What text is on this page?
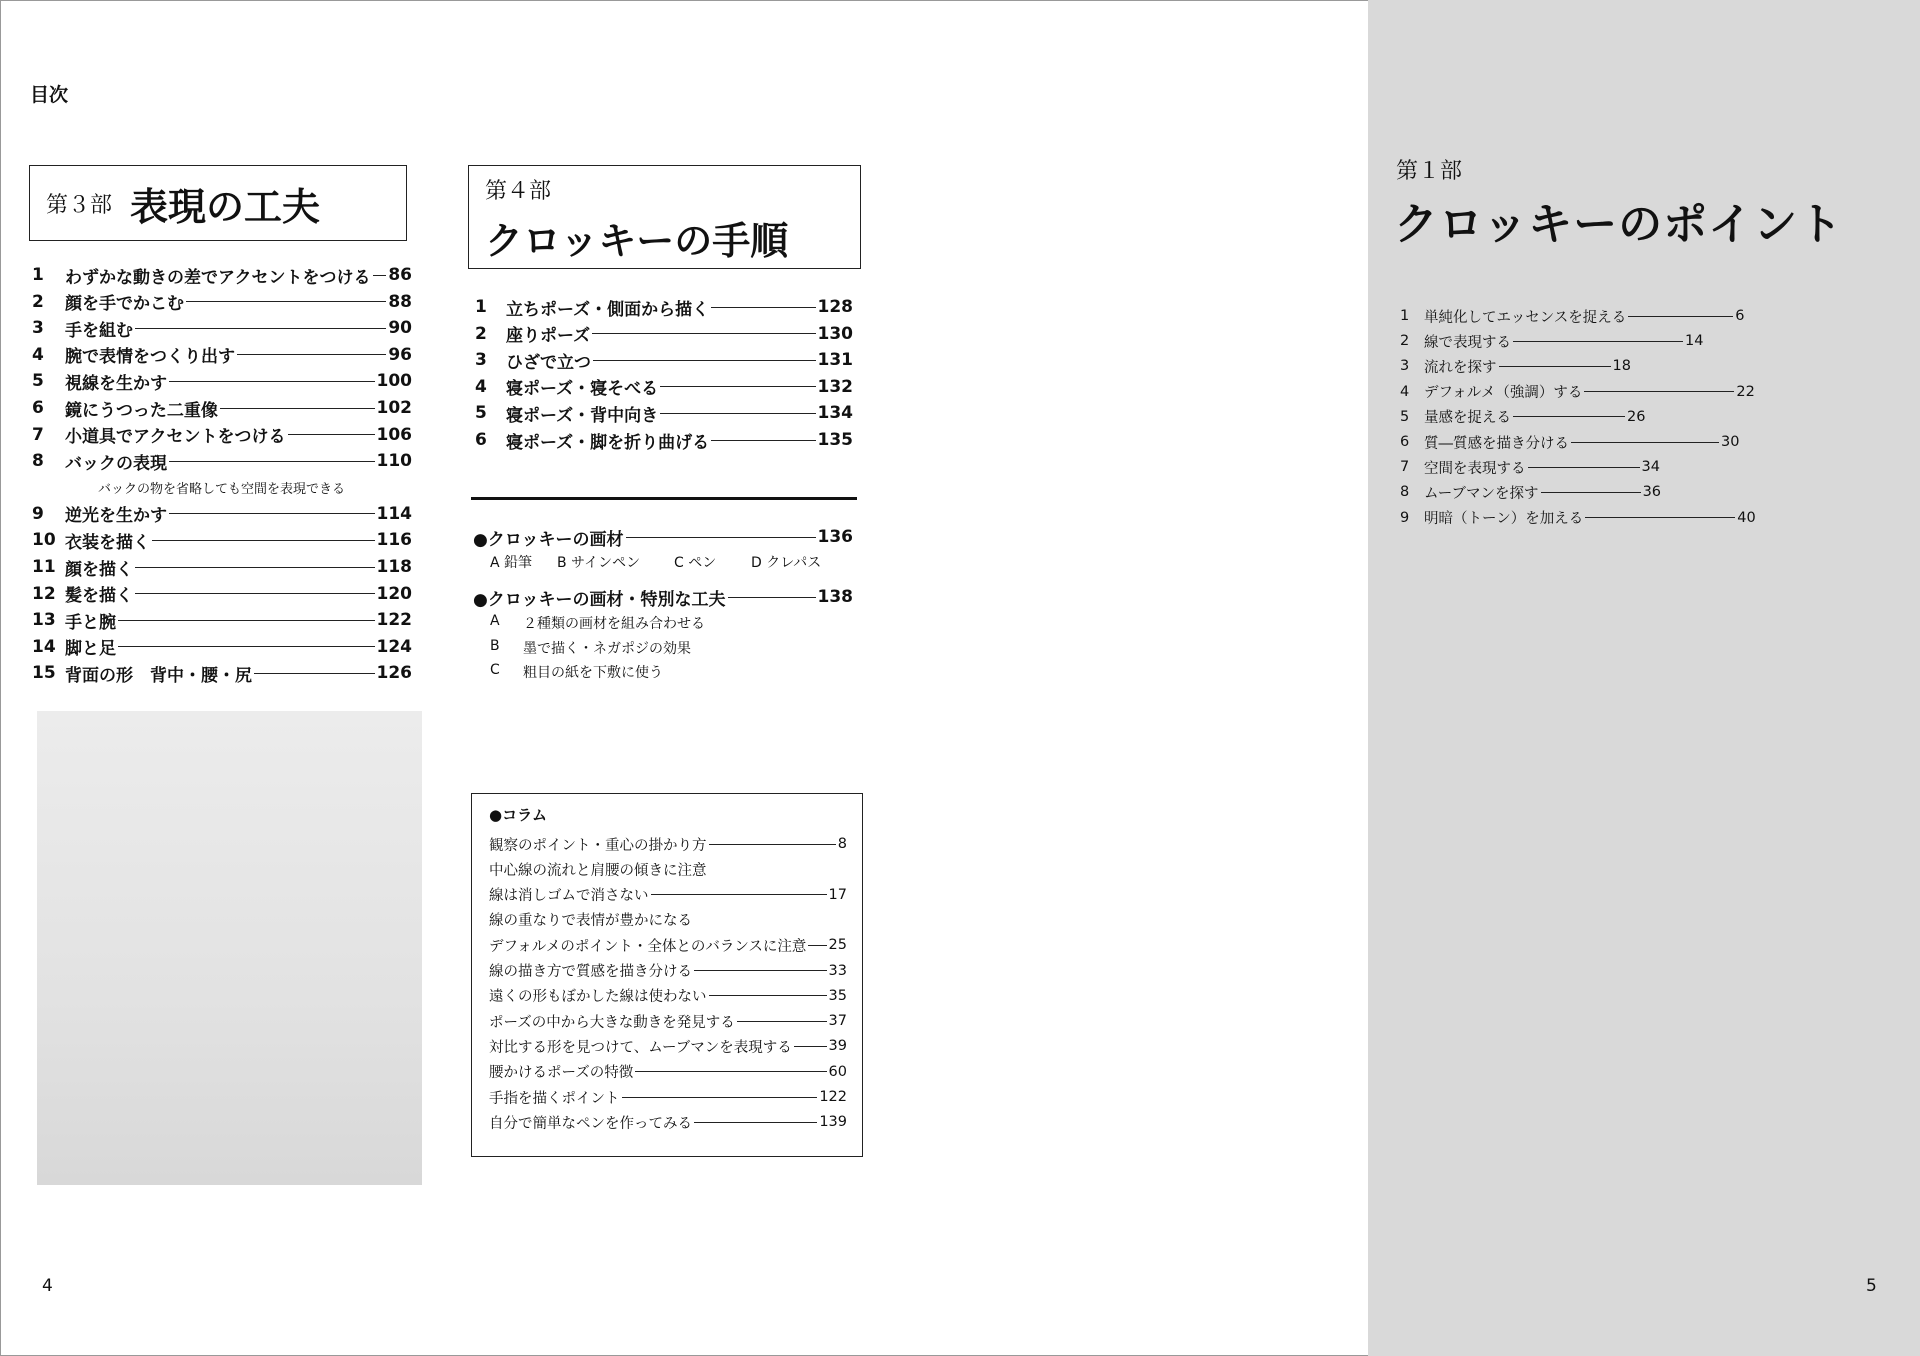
目次
第３部 表現の工夫
1	わずかな動きの差でアクセントをつける 86
2	顔を手でかこむ	88
3	手を組む	90
4	腕で表情をつくり出す	96
5	視線を生かす	100
6	鏡にうつった二重像	102
7	小道具でアクセントをつける	106
8	バックの表現	110
9	逆光を生かす	114
10 衣装を描く	116
11 顔を描く	118
12 髪を描く	120
13 手と腕	122
14 脚と足	124
15 背面の形　背中・腰・尻	126
バックの物を省略しても空間を表現できる
第４部
クロッキーの手順
1	立ちポーズ・側面から描く	128
2	座りポーズ	130
3	ひざで立つ	131
4	寝ポーズ・寝そべる	132
5	寝ポーズ・背中向き	134
6	寝ポーズ・脚を折り曲げる	135
●クロッキーの画材	136
●クロッキーの画材・特別な工夫	138
A 鉛筆 B サインペン C ペン D クレパス
A ２種類の画材を組み合わせる
B 墨で描く・ネガポジの効果
C 粗目の紙を下敷に使う
●コラム
観察のポイント・重心の掛かり方	8
中心線の流れと肩腰の傾きに注意
線は消しゴムで消さない	17
線の重なりで表情が豊かになる
デフォルメのポイント・全体とのバランスに注意 25
線の描き方で質感を描き分ける	33
遠くの形もぼかした線は使わない	35
ポーズの中から大きな動きを発見する	37
対比する形を見つけて、ムーブマンを表現する	39
腰かけるポーズの特徴	60
手指を描くポイント	122
自分で簡単なペンを作ってみる	139
第１部
クロッキーのポイント
1	単純化してエッセンスを捉える	6
2	線で表現する	14
3	流れを探す	18
4	デフォルメ（強調）する	22
5	量感を捉える	26
6	質―質感を描き分ける	30
7	空間を表現する	34
8	ムーブマンを探す	36
9	明暗（トーン）を加える	40
4	5
